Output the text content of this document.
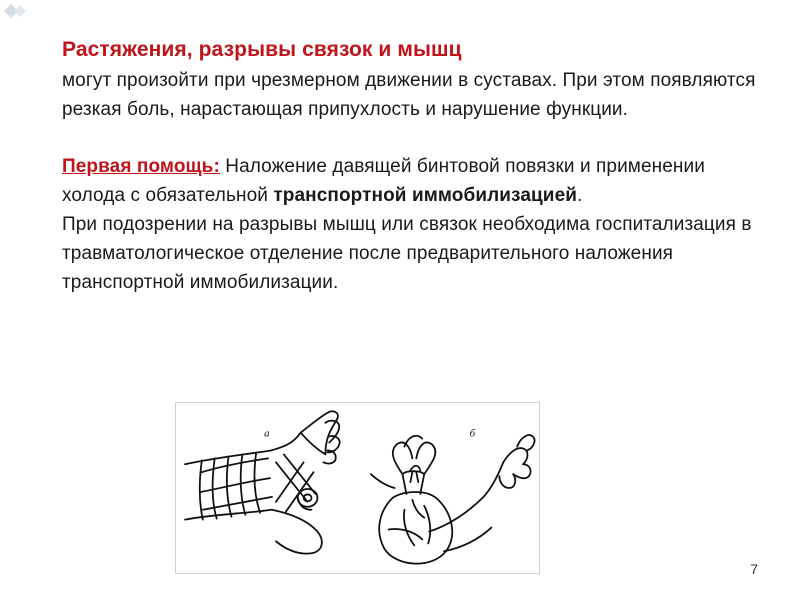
Растяжения, разрывы связок и мышц
могут произойти при чрезмерном движении в суставах. При этом появляются резкая боль, нарастающая припухлость и нарушение функции.
Первая помощь: Наложение давящей бинтовой повязки и применении холода с обязательной транспортной иммобилизацией.
При подозрении на разрывы мышц или связок необходима госпитализация в травматологическое отделение после предварительного наложения транспортной иммобилизации.
а	б
7
